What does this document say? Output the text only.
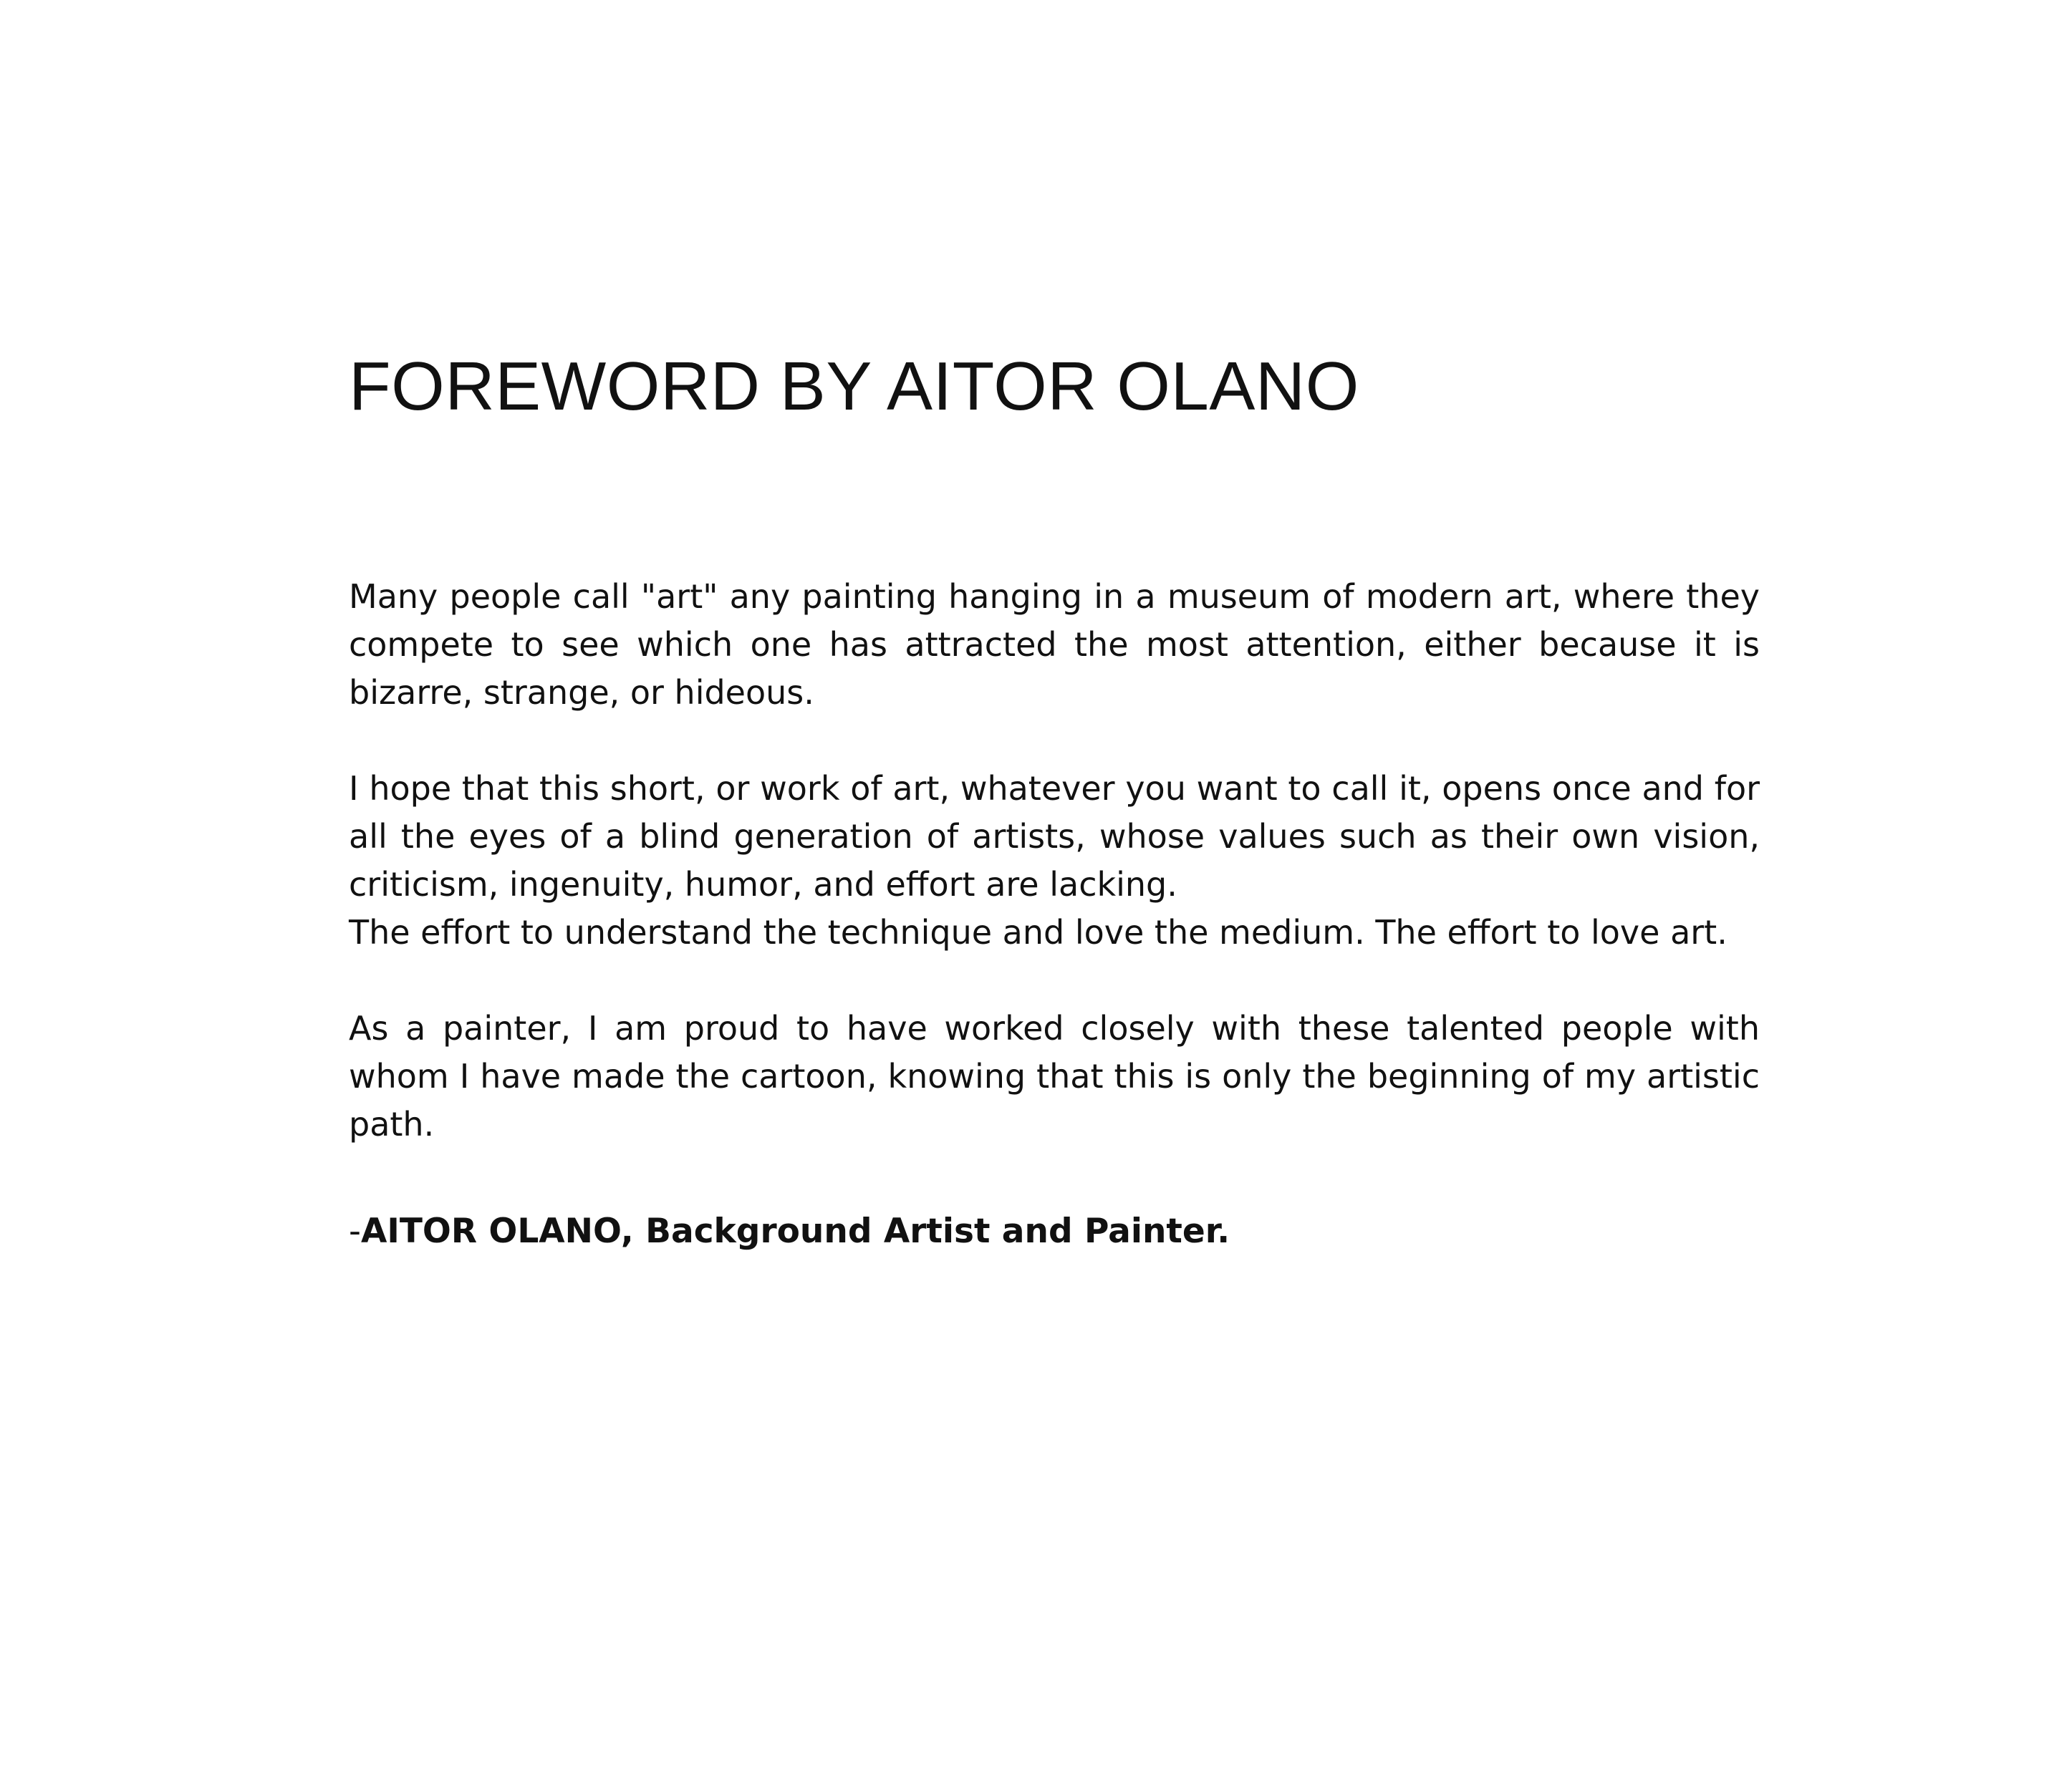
FOREWORD BY AITOR OLANO

Many people call "art" any painting hanging in a museum of modern art, where they compete to see which one has attracted the most attention, either because it is bizarre, strange, or hideous.

I hope that this short, or work of art, whatever you want to call it, opens once and for all the eyes of a blind generation of artists, whose values such as their own vision, criticism, ingenuity, humor, and effort are lacking.

The effort to understand the technique and love the medium. The effort to love art.

As a painter, I am proud to have worked closely with these talented people with whom I have made the cartoon, knowing that this is only the beginning of my artistic path.

-AITOR OLANO, Background Artist and Painter.
